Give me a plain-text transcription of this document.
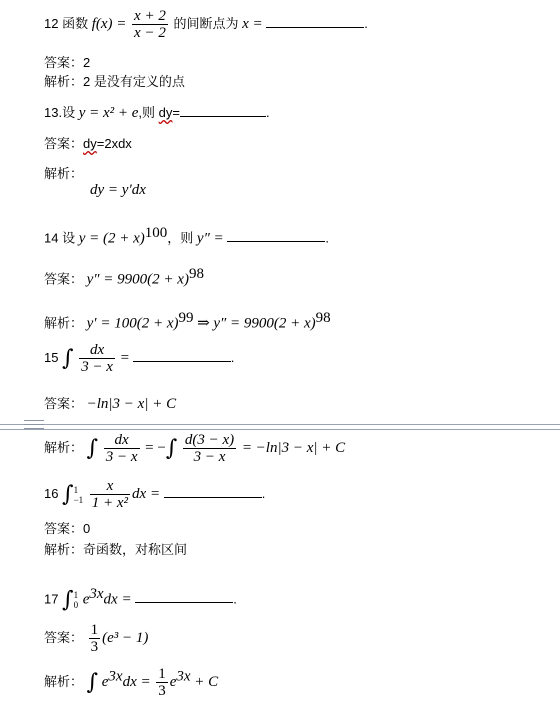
12 函数 $f(x) = \frac{x + 2}{x - 2}$ 的间断点为 x =	.
答案：2
解析：2 是没有定义的点
13.设 y = x² + e,则 dy=	.
答案：dy=2xdx
解析：
dy = y′dx
14 设 $y = (2 + x)^{100}$，则 y″ =	.
答案： $y'' = 9900(2 + x)^{98}$
解析： $y' = 100(2 + x)^{99}$ ⇒ $y'' = 9900(2 + x)^{98}$
15 ∫ $\frac{dx}{3 - x}$ =	.
答案： −ln|3 − x| + C
解析： ∫ $\frac{dx}{3 - x}$ = −∫ $\frac{d(3 - x)}{3 - x} = -\ln|3 - x| + C$
16 ∫ 1
−1
$\frac{x}{\text{1 + x²}}$ dx =	.
答案：0
解析：奇函数，对称区间
17 ∫ 1
0 $e^{3x}dx$ =	.
答案： $\frac{1}{3} (e^3 - 1)$
解析： ∫ $e^{3x}dx = \frac{1}{3} e^{3x} + C$
